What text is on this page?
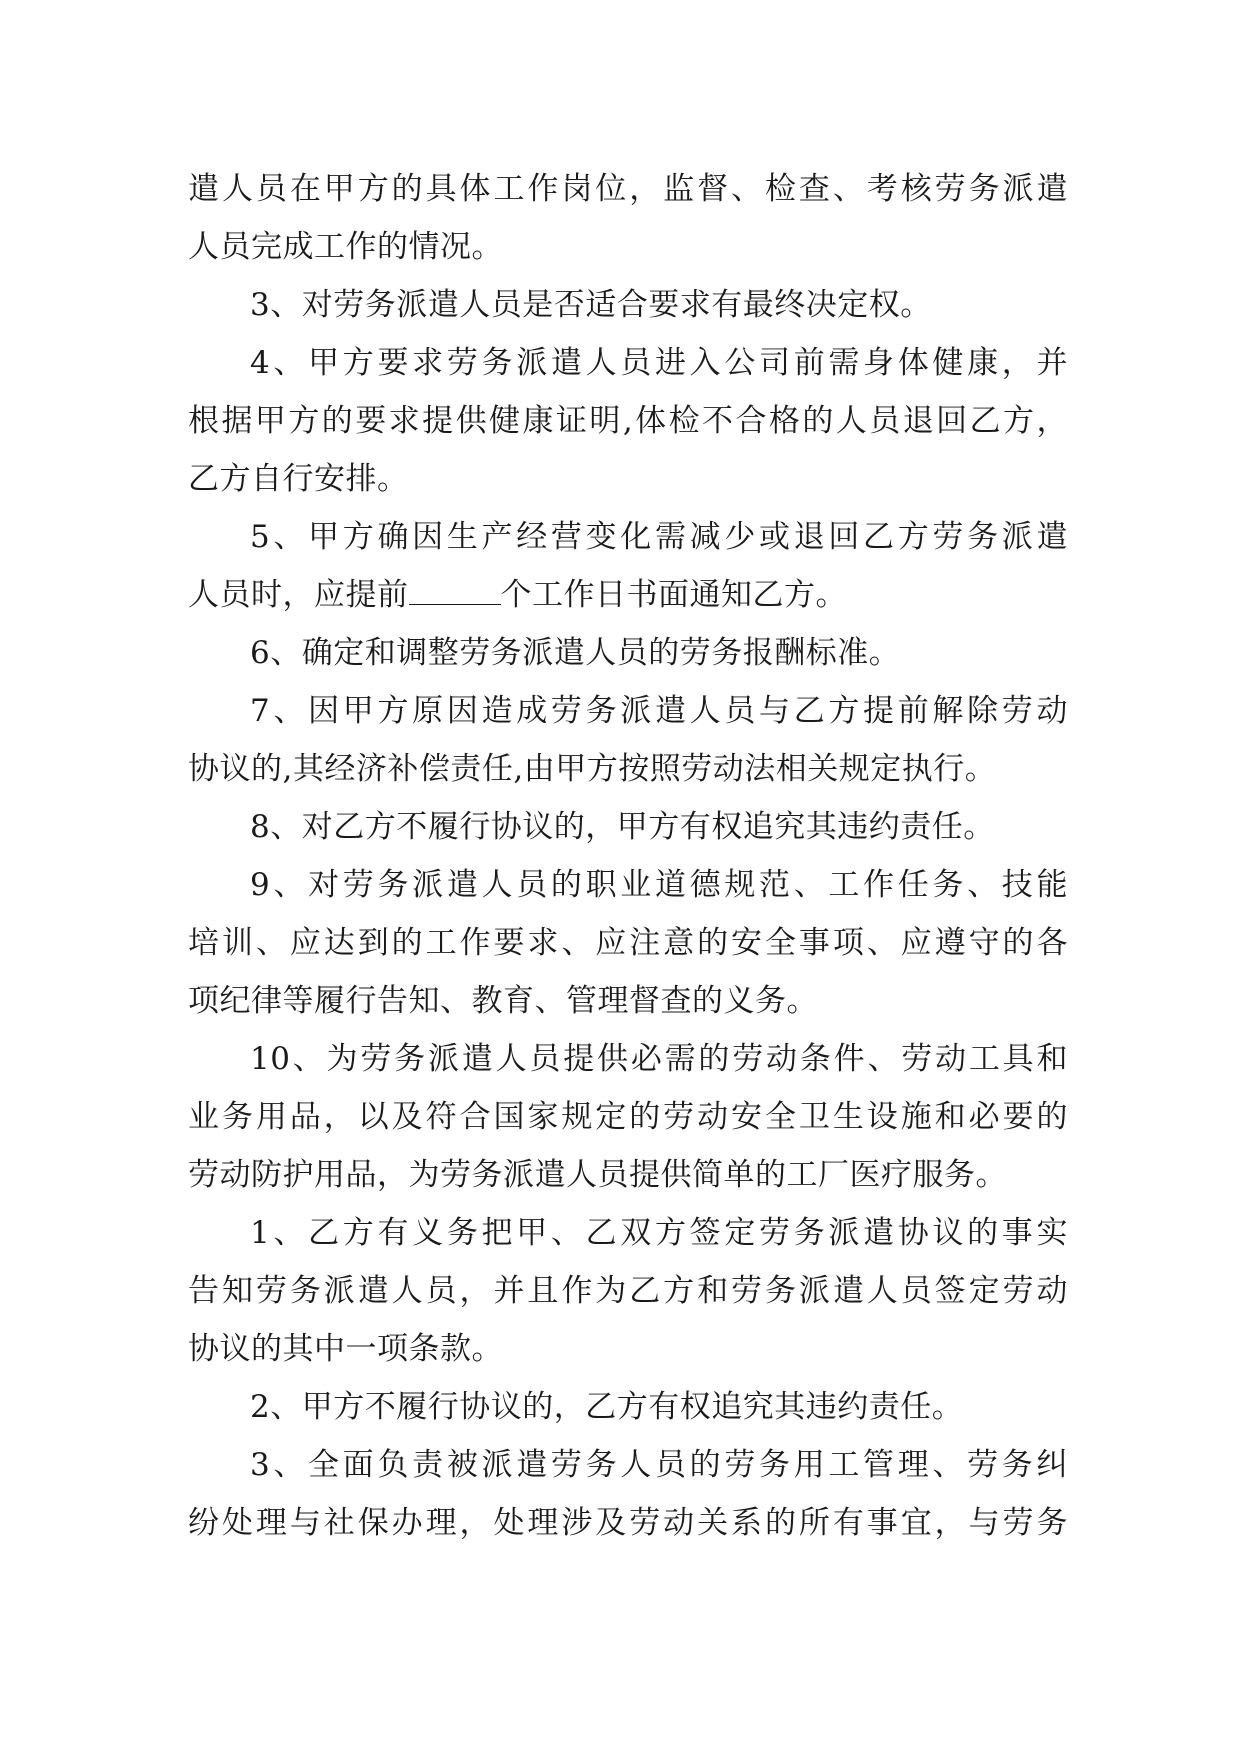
遣人员在甲方的具体工作岗位，监督、检查、考核劳务派遣
人员完成工作的情况。
3、对劳务派遣人员是否适合要求有最终决定权。
4、甲方要求劳务派遣人员进入公司前需身体健康，并
根据甲方的要求提供健康证明,体检不合格的人员退回乙方，
乙方自行安排。
5、甲方确因生产经营变化需减少或退回乙方劳务派遣
人员时，应提前	个工作日书面通知乙方。
6、确定和调整劳务派遣人员的劳务报酬标准。
7、因甲方原因造成劳务派遣人员与乙方提前解除劳动
协议的,其经济补偿责任,由甲方按照劳动法相关规定执行。
8、对乙方不履行协议的，甲方有权追究其违约责任。
9、对劳务派遣人员的职业道德规范、工作任务、技能
培训、应达到的工作要求、应注意的安全事项、应遵守的各
项纪律等履行告知、教育、管理督查的义务。
10、为劳务派遣人员提供必需的劳动条件、劳动工具和
业务用品，以及符合国家规定的劳动安全卫生设施和必要的
劳动防护用品，为劳务派遣人员提供简单的工厂医疗服务。
1、乙方有义务把甲、乙双方签定劳务派遣协议的事实
告知劳务派遣人员，并且作为乙方和劳务派遣人员签定劳动
协议的其中一项条款。
2、甲方不履行协议的，乙方有权追究其违约责任。
3、全面负责被派遣劳务人员的劳务用工管理、劳务纠
纷处理与社保办理，处理涉及劳动关系的所有事宜，与劳务
